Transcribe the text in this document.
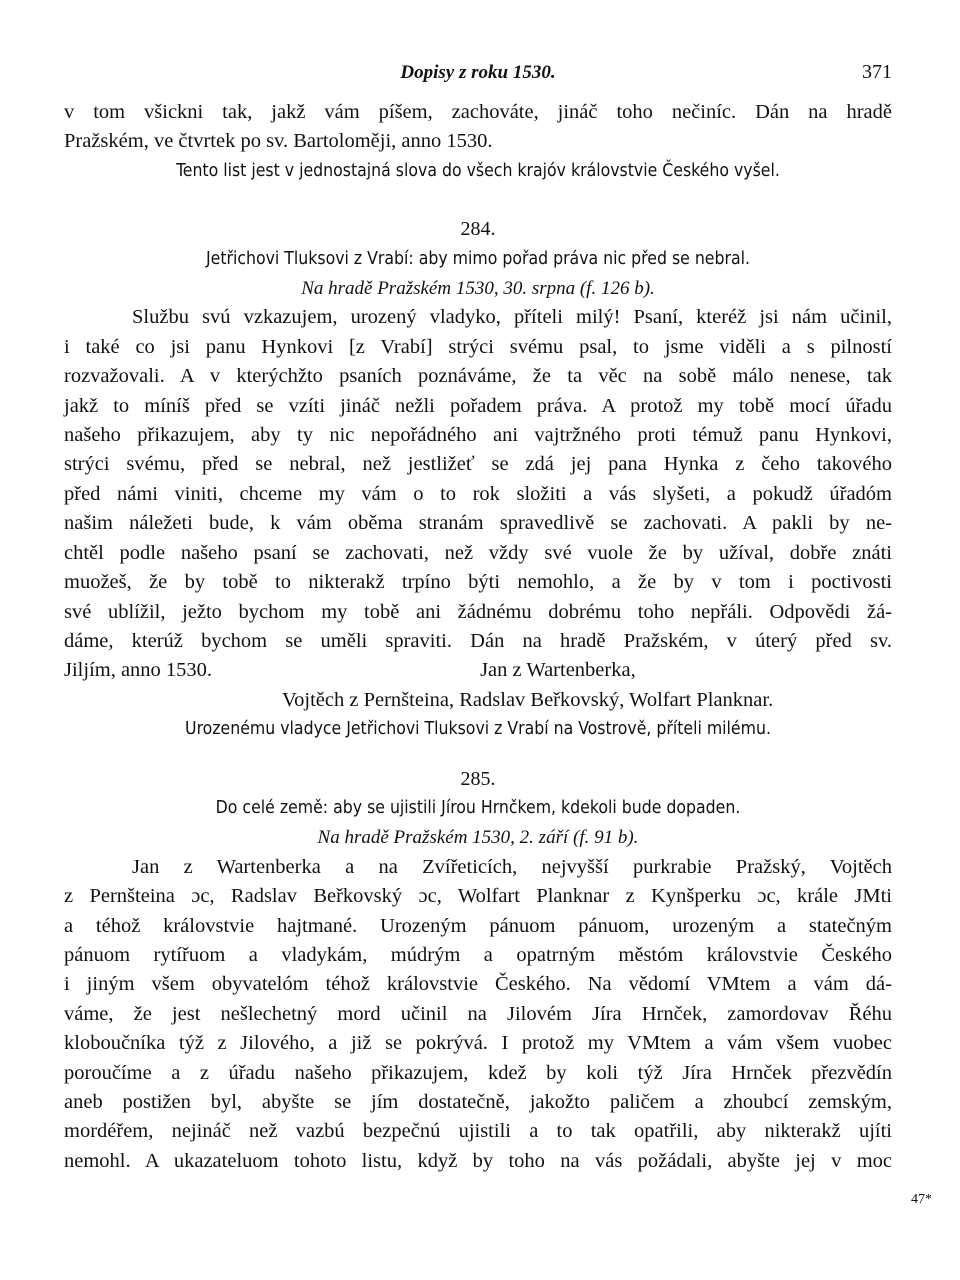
Dopisy z roku 1530.	371

v tom všickni tak, jakž vám píšem, zachováte, jináč toho nečiníc. Dán na hradě

Pražském, ve čtvrtek po sv. Bartoloměji, anno 1530.

Tento list jest v jednostajná slova do všech krajóv královstvie Českého vyšel.

284.

Jetřichovi Tluksovi z Vrabí: aby mimo pořad práva nic před se nebral.

Na hradě Pražském 1530, 30. srpna (f. 126 b).

Službu svú vzkazujem, urozený vladyko, příteli milý! Psaní, kteréž jsi nám učinil,

i také co jsi panu Hynkovi [z Vrabí] strýci svému psal, to jsme viděli a s pilností

rozvažovali. A v kterýchžto psaních poznáváme, že ta věc na sobě málo nenese, tak

jakž to míníš před se vzíti jináč nežli pořadem práva. A protož my tobě mocí úřadu

našeho přikazujem, aby ty nic nepořádného ani vajtržného proti témuž panu Hynkovi,

strýci svému, před se nebral, než jestližeť se zdá jej pana Hynka z čeho takového

před námi viniti, chceme my vám o to rok složiti a vás slyšeti, a pokudž úřadóm

našim náležeti bude, k vám oběma stranám spravedlivě se zachovati. A pakli by ne-

chtěl podle našeho psaní se zachovati, než vždy své vuole že by užíval, dobře znáti

muožeš, že by tobě to nikterakž trpíno býti nemohlo, a že by v tom i poctivosti

své ublížil, ježto bychom my tobě ani žádnému dobrému toho nepřáli. Odpovědi žá-

dáme, kterúž bychom se uměli spraviti. Dán na hradě Pražském, v úterý před sv.

Jiljím, anno 1530.	Jan z Wartenberka,

Vojtěch z Pernšteina, Radslav Beřkovský, Wolfart Planknar.

Urozenému vladyce Jetřichovi Tluksovi z Vrabí na Vostrově, příteli milému.

285.

Do celé země: aby se ujistili Jírou Hrnčkem, kdekoli bude dopaden.

Na hradě Pražském 1530, 2. září (f. 91 b).

Jan z Wartenberka a na Zvířeticích, nejvyšší purkrabie Pražský, Vojtěch

z Pernšteina ɔc, Radslav Beřkovský ɔc, Wolfart Planknar z Kynšperku ɔc, krále JMti

a téhož královstvie hajtmané. Urozeným pánuom pánuom, urozeným a statečným

pánuom rytířuom a vladykám, múdrým a opatrným městóm královstvie Českého

i jiným všem obyvatelóm téhož královstvie Českého. Na vědomí VMtem a vám dá-

váme, že jest nešlechetný mord učinil na Jilovém Jíra Hrnček, zamordovav Řéhu

kloboučníka týž z Jilového, a již se pokrývá. I protož my VMtem a vám všem vuobec

poroučíme a z úřadu našeho přikazujem, kdež by koli týž Jíra Hrnček přezvědín

aneb postižen byl, abyšte se jím dostatečně, jakožto paličem a zhoubcí zemským,

mordéřem, nejináč než vazbú bezpečnú ujistili a to tak opatřili, aby nikterakž ujíti

nemohl. A ukazateluom tohoto listu, když by toho na vás požádali, abyšte jej v moc

47*
